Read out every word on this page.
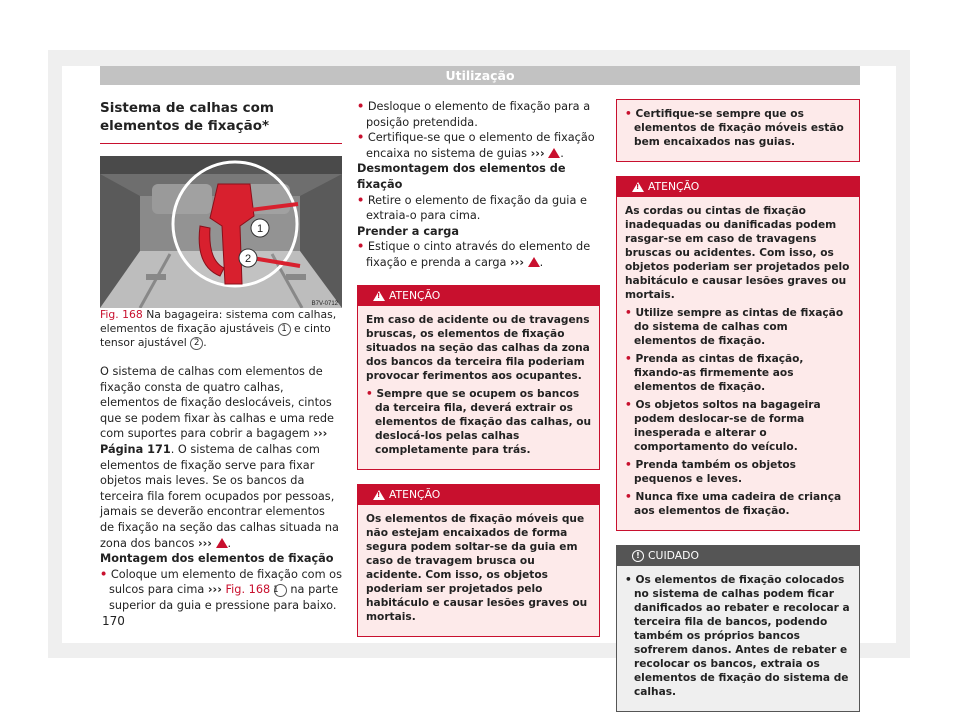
Utilização
Sistema de calhas com elementos de fixação*
1
2
B7V-0712

Fig. 168 Na bagageira: sistema com calhas, elementos de fixação ajustáveis 1 e cinto tensor ajustável 2 .

O sistema de calhas com elementos de fixação consta de quatro calhas, elementos de fixação deslocáveis, cintos que se podem fixar às calhas e uma rede com suportes para cobrir a bagagem ››› Página 171. O sistema de calhas com elementos de fixação serve para fixar objetos mais leves. Se os bancos da terceira fila forem ocupados por pessoas, jamais se deverão encontrar elementos de fixação na seção das calhas situada na zona dos bancos ››› .

Montagem dos elementos de fixação

• Coloque um elemento de fixação com os sulcos para cima ››› Fig. 168 1 na parte superior da guia e pressione para baixo.

• Desloque o elemento de fixação para a posição pretendida.

• Certifique-se que o elemento de fixação encaixa no sistema de guias ››› .

Desmontagem dos elementos de fixação

• Retire o elemento de fixação da guia e extraia-o para cima.

Prender a carga

• Estique o cinto através do elemento de fixação e prenda a carga ››› .

!
ATENÇÃO

Em caso de acidente ou de travagens bruscas, os elementos de fixação situados na seção das calhas da zona dos bancos da terceira fila poderiam provocar ferimentos aos ocupantes.

• Sempre que se ocupem os bancos da terceira fila, deverá extrair os elementos de fixação das calhas, ou deslocá-los pelas calhas completamente para trás.

!
ATENÇÃO

Os elementos de fixação móveis que não estejam encaixados de forma segura podem soltar-se da guia em caso de travagem brusca ou acidente. Com isso, os objetos poderiam ser projetados pelo habitáculo e causar lesões graves ou mortais.

• Certifique-se sempre que os elementos de fixação móveis estão bem encaixados nas guias.

!
ATENÇÃO

As cordas ou cintas de fixação inadequadas ou danificadas podem rasgar-se em caso de travagens bruscas ou acidentes. Com isso, os objetos poderiam ser projetados pelo habitáculo e causar lesões graves ou mortais.

• Utilize sempre as cintas de fixação do sistema de calhas com elementos de fixação.

• Prenda as cintas de fixação, fixando-as firmemente aos elementos de fixação.

• Os objetos soltos na bagageira podem deslocar-se de forma inesperada e alterar o comportamento do veículo.

• Prenda também os objetos pequenos e leves.

• Nunca fixe uma cadeira de criança aos elementos de fixação.

! CUIDADO

• Os elementos de fixação colocados no sistema de calhas podem ficar danificados ao rebater e recolocar a terceira fila de bancos, podendo também os próprios bancos sofrerem danos. Antes de rebater e recolocar os bancos, extraia os elementos de fixação do sistema de calhas.

170
